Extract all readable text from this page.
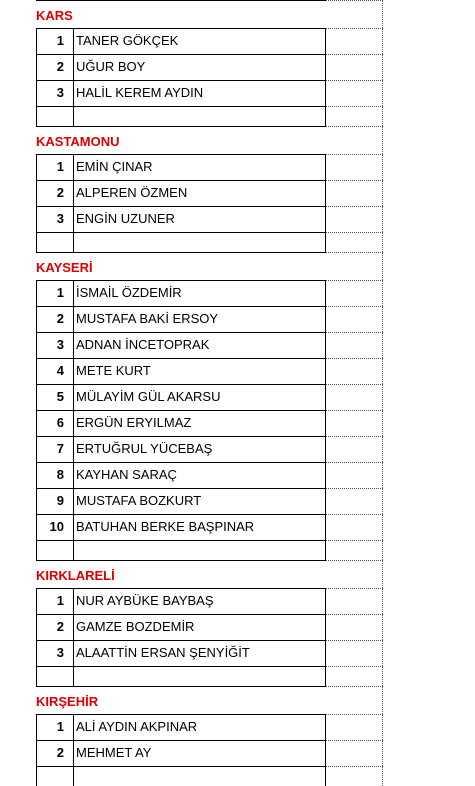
KARS
1 TANER GÖKÇEK
2 UĞUR BOY
3 HALİL KEREM AYDIN
KASTAMONU
1 EMİN ÇINAR
2 ALPEREN ÖZMEN
3 ENGİN UZUNER
KAYSERİ
1 İSMAİL ÖZDEMİR
2 MUSTAFA BAKİ ERSOY
3 ADNAN İNCETOPRAK
4 METE KURT
5 MÜLAYİM GÜL AKARSU
6 ERGÜN ERYILMAZ
7 ERTUĞRUL YÜCEBAŞ
8 KAYHAN SARAÇ
9 MUSTAFA BOZKURT
10 BATUHAN BERKE BAŞPINAR
KIRKLARELİ
1 NUR AYBÜKE BAYBAŞ
2 GAMZE BOZDEMİR
3 ALAATTİN ERSAN ŞENYİĞİT
KIRŞEHİR
1 ALİ AYDIN AKPINAR
2 MEHMET AY
